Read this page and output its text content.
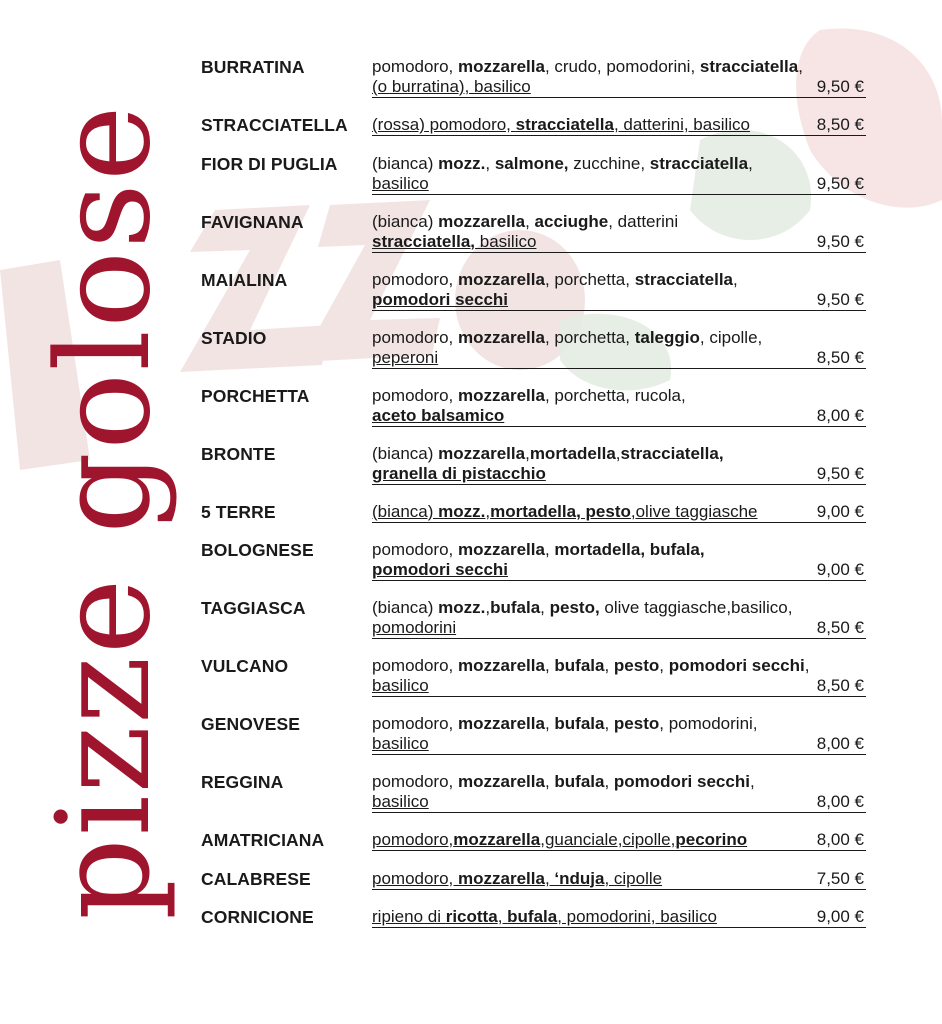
pizze golose
BURRATINA	pomodoro, mozzarella, crudo, pomodorini, stracciatella,
(o burratina), basilico	9,50 €
STRACCIATELLA (rossa) pomodoro, stracciatella, datterini, basilico	8,50 €
FIOR DI PUGLIA (bianca) mozz., salmone, zucchine, stracciatella,
basilico	9,50 €
FAVIGNANA	(bianca) mozzarella, acciughe, datterini
stracciatella, basilico	9,50 €
MAIALINA	pomodoro, mozzarella, porchetta, stracciatella,
pomodori secchi	9,50 €
STADIO	pomodoro, mozzarella, porchetta, taleggio, cipolle,
peperoni	8,50 €
PORCHETTA	pomodoro, mozzarella, porchetta, rucola,
aceto balsamico	8,00 €
BRONTE	(bianca) mozzarella,mortadella,stracciatella,
granella di pistacchio	9,50 €
5 TERRE	(bianca) mozz.,mortadella, pesto,olive taggiasche	9,00 €
BOLOGNESE	pomodoro, mozzarella, mortadella, bufala,
pomodori secchi	9,00 €
TAGGIASCA	(bianca) mozz.,bufala, pesto, olive taggiasche,basilico,
pomodorini	8,50 €
VULCANO	pomodoro, mozzarella, bufala, pesto, pomodori secchi,
basilico	8,50 €
GENOVESE	pomodoro, mozzarella, bufala, pesto, pomodorini,
basilico	8,00 €
REGGINA	pomodoro, mozzarella, bufala, pomodori secchi,
basilico	8,00 €
AMATRICIANA	pomodoro,mozzarella,guanciale,cipolle,pecorino	8,00 €
CALABRESE	pomodoro, mozzarella, ‘nduja, cipolle	7,50 €
CORNICIONE	ripieno di ricotta, bufala, pomodorini, basilico	9,00 €
